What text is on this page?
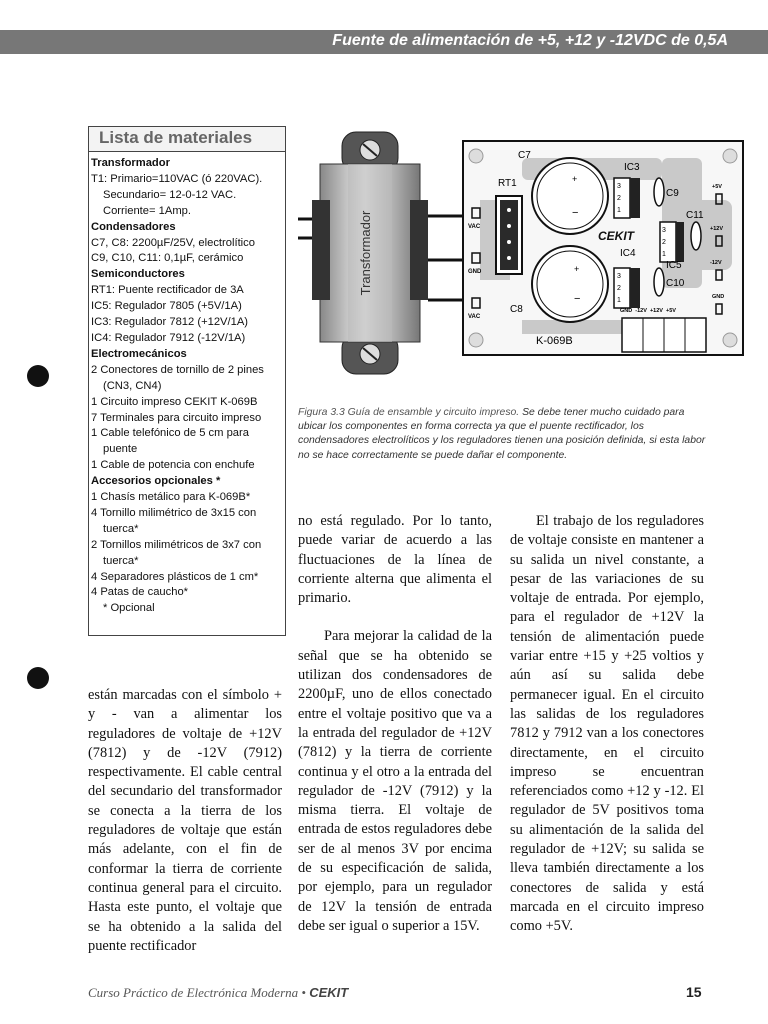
Fuente de alimentación de +5, +12 y -12VDC de 0,5A
Lista de materiales
Transformador
T1: Primario=110VAC (ó 220VAC).
Secundario= 12-0-12 VAC.
Corriente= 1Amp.
Condensadores
C7, C8: 2200µF/25V, electrolítico
C9, C10, C11: 0,1µF, cerámico
Semiconductores
RT1: Puente rectificador de 3A
IC5: Regulador 7805 (+5V/1A)
IC3: Regulador 7812 (+12V/1A)
IC4: Regulador 7912 (-12V/1A)
Electromecánicos
2 Conectores de tornillo de 2 pines
(CN3, CN4)
1 Circuito impreso CEKIT K-069B
7 Terminales para circuito impreso
1 Cable telefónico de 5 cm para
puente
1 Cable de potencia con enchufe
Accesorios opcionales *
1 Chasís metálico para K-069B*
4 Tornillo milimétrico de 3x15 con
tuerca*
2 Tornillos milimétricos de 3x7 con
tuerca*
4 Separadores plásticos de 1 cm*
4 Patas de caucho*
* Opcional
Transformador	VAC
GND
VAC
RT1	+
−
C7
+
−
C8
3
2
1
IC3
C9
CEKIT
3
2
1
IC4
3
2
1
IC5
C10
C11
+5V
+12V
-12V
GND
GND  -12V  +12V  +5V
K-069B
Figura 3.3 Guía de ensamble y circuito impreso. Se debe tener mucho cuidado para ubicar los componentes en forma correcta ya que el puente rectificador, los condensadores electrolíticos y los reguladores tienen una posición definida, si esta labor no se hace correctamente se puede dañar el componente.

están marcadas con el símbolo + y - van a alimentar los reguladores de voltaje de +12V (7812) y de -12V (7912) respectivamente. El cable central del secundario del transformador se conecta a la tierra de los reguladores de voltaje que están más adelante, con el fin de conformar la tierra de corriente continua general para el circuito. Hasta este punto, el voltaje que se ha obtenido a la salida del puente rectificador

no está regulado. Por lo tanto, puede variar de acuerdo a las fluctuaciones de la línea de corriente alterna que alimenta el primario.

Para mejorar la calidad de la señal que se ha obtenido se utilizan dos condensadores de 2200µF, uno de ellos conectado entre el voltaje positivo que va a la entrada del regulador de +12V (7812) y la tierra de corriente continua y el otro a la entrada del regulador de -12V (7912) y la misma tierra. El voltaje de entrada de estos reguladores debe ser de al menos 3V por encima de su especificación de salida, por ejemplo, para un regulador de 12V la tensión de entrada debe ser igual o superior a 15V.

El trabajo de los reguladores de voltaje consiste en mantener a su salida un nivel constante, a pesar de las variaciones de su voltaje de entrada. Por ejemplo, para el regulador de +12V la tensión de alimentación puede variar entre +15 y +25 voltios y aún así su salida debe permanecer igual. En el circuito las salidas de los reguladores 7812 y 7912 van a los conectores directamente, en el circuito impreso se encuentran referenciados como +12 y -12. El regulador de 5V positivos toma su alimentación de la salida del regulador de +12V; su salida se lleva también directamente a los conectores de salida y está marcada en el circuito impreso como +5V.

Curso Práctico de Electrónica Moderna • CEKIT	15
